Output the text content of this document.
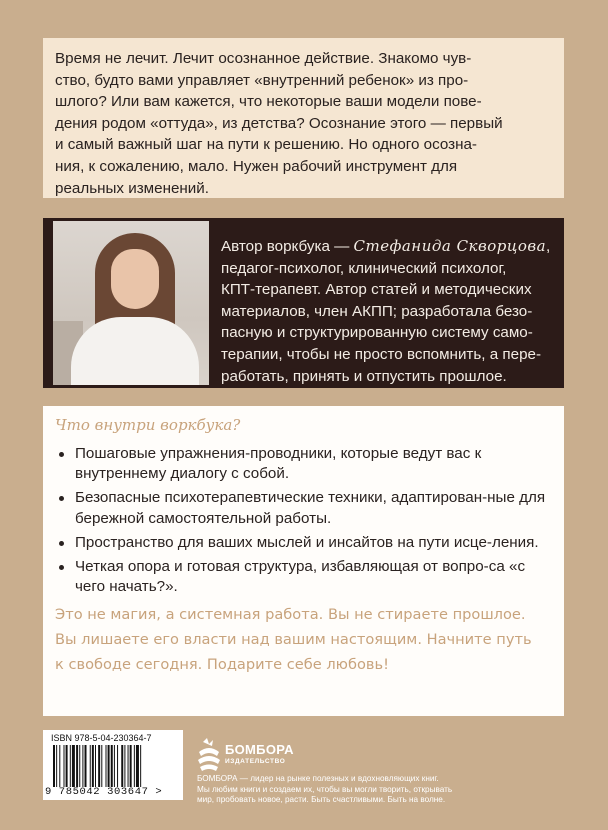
Время не лечит. Лечит осознанное действие. Знакомо чув-

ство, будто вами управляет «внутренний ребенок» из про-

шлого? Или вам кажется, что некоторые ваши модели пове-

дения родом «оттуда», из детства? Осознание этого — первый

и самый важный шаг на пути к решению. Но одного осозна-

ния, к сожалению, мало. Нужен рабочий инструмент для

реальных изменений.

Автор воркбука — Стефанида Скворцова,
педагог-психолог, клинический психолог,
КПТ-терапевт. Автор статей и методических
материалов, член АКПП; разработала безо-
пасную и структурированную систему само-
терапии, чтобы не просто вспомнить, а пере-
работать, принять и отпустить прошлое.
Что внутри воркбука?
Пошаговые упражнения-проводники, которые ведут вас к внутреннему диалогу с собой.
Безопасные психотерапевтические техники, адаптирован-ные для бережной самостоятельной работы.
Пространство для ваших мыслей и инсайтов на пути исце-ления.
Четкая опора и готовая структура, избавляющая от вопро-са «с чего начать?».
Это не магия, а системная работа. Вы не стираете прошлое.
Вы лишаете его власти над вашим настоящим. Начните путь
к свободе сегодня. Подарите себе любовь!
ISBN 978-5-04-230364-7
9 785042 303647 >
БОМБОРА
ИЗДАТЕЛЬСТВО
БОМБОРА — лидер на рынке полезных и вдохновляющих книг.
Мы любим книги и создаем их, чтобы вы могли творить, открывать
мир, пробовать новое, расти. Быть счастливыми. Быть на волне.
